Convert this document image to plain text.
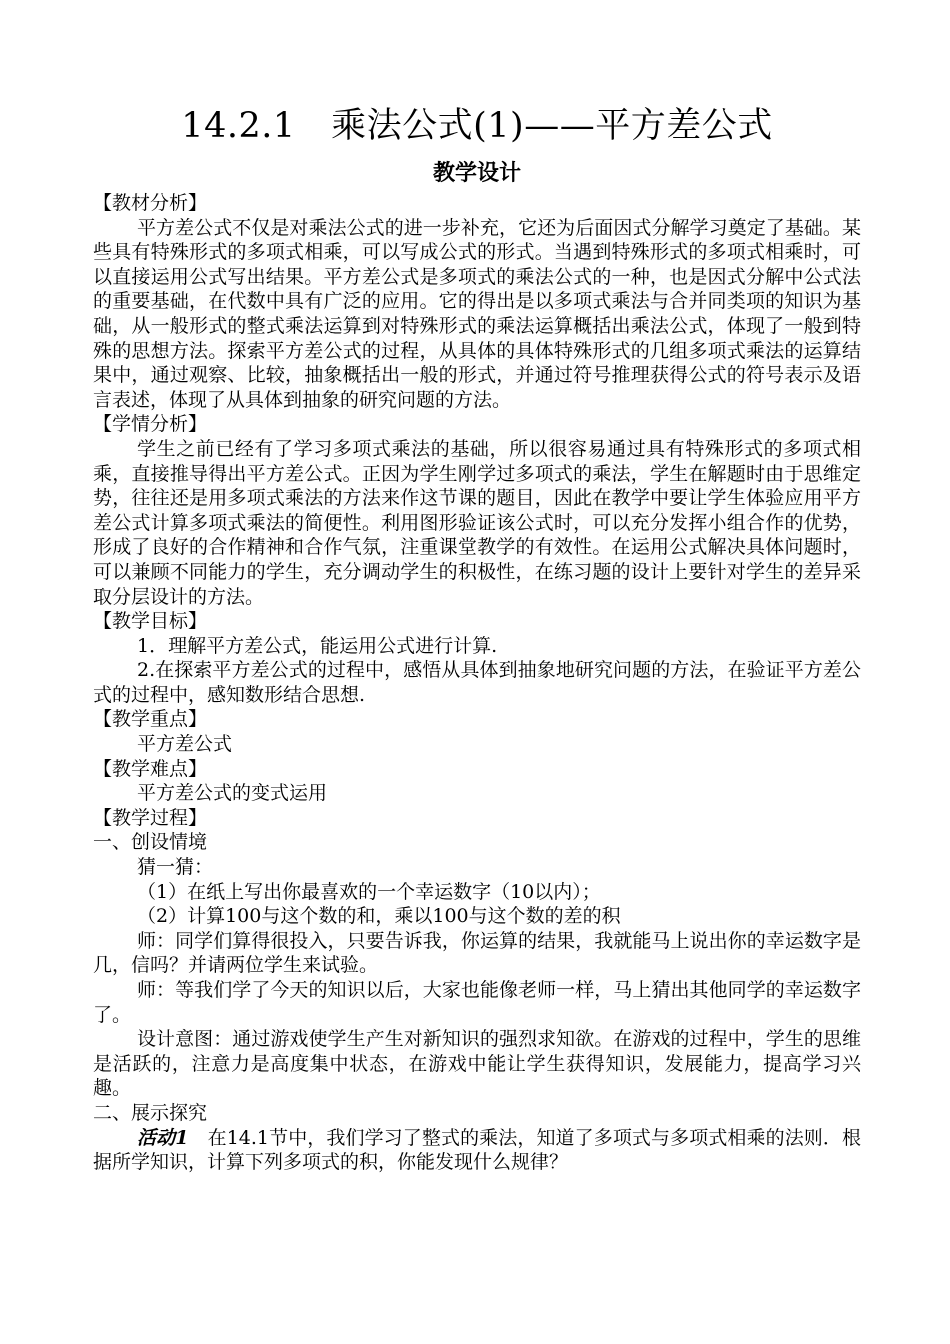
14.2.1　乘法公式(1)——平方差公式
教学设计

【教材分析】

平方差公式不仅是对乘法公式的进一步补充，它还为后面因式分解学习奠定了基础。某些具有特殊形式的多项式相乘，可以写成公式的形式。当遇到特殊形式的多项式相乘时，可以直接运用公式写出结果。平方差公式是多项式的乘法公式的一种，也是因式分解中公式法的重要基础，在代数中具有广泛的应用。它的得出是以多项式乘法与合并同类项的知识为基础，从一般形式的整式乘法运算到对特殊形式的乘法运算概括出乘法公式，体现了一般到特殊的思想方法。探索平方差公式的过程，从具体的具体特殊形式的几组多项式乘法的运算结果中，通过观察、比较，抽象概括出一般的形式，并通过符号推理获得公式的符号表示及语言表述，体现了从具体到抽象的研究问题的方法。

【学情分析】

学生之前已经有了学习多项式乘法的基础，所以很容易通过具有特殊形式的多项式相乘，直接推导得出平方差公式。正因为学生刚学过多项式的乘法，学生在解题时由于思维定势，往往还是用多项式乘法的方法来作这节课的题目，因此在教学中要让学生体验应用平方差公式计算多项式乘法的简便性。利用图形验证该公式时，可以充分发挥小组合作的优势，形成了良好的合作精神和合作气氛，注重课堂教学的有效性。在运用公式解决具体问题时，可以兼顾不同能力的学生，充分调动学生的积极性，在练习题的设计上要针对学生的差异采取分层设计的方法。

【教学目标】

1．理解平方差公式，能运用公式进行计算.

2.在探索平方差公式的过程中，感悟从具体到抽象地研究问题的方法，在验证平方差公式的过程中，感知数形结合思想.

【教学重点】

平方差公式

【教学难点】

平方差公式的变式运用

【教学过程】

一、创设情境

猜一猜：

（1）在纸上写出你最喜欢的一个幸运数字（10以内）；

（2）计算100与这个数的和，乘以100与这个数的差的积

师：同学们算得很投入，只要告诉我，你运算的结果，我就能马上说出你的幸运数字是几，信吗？并请两位学生来试验。

师：等我们学了今天的知识以后，大家也能像老师一样，马上猜出其他同学的幸运数字了。

设计意图：通过游戏使学生产生对新知识的强烈求知欲。在游戏的过程中，学生的思维是活跃的，注意力是高度集中状态，在游戏中能让学生获得知识，发展能力，提高学习兴趣。

二、展示探究

活动1　在14.1节中，我们学习了整式的乘法，知道了多项式与多项式相乘的法则．根据所学知识，计算下列多项式的积，你能发现什么规律？
